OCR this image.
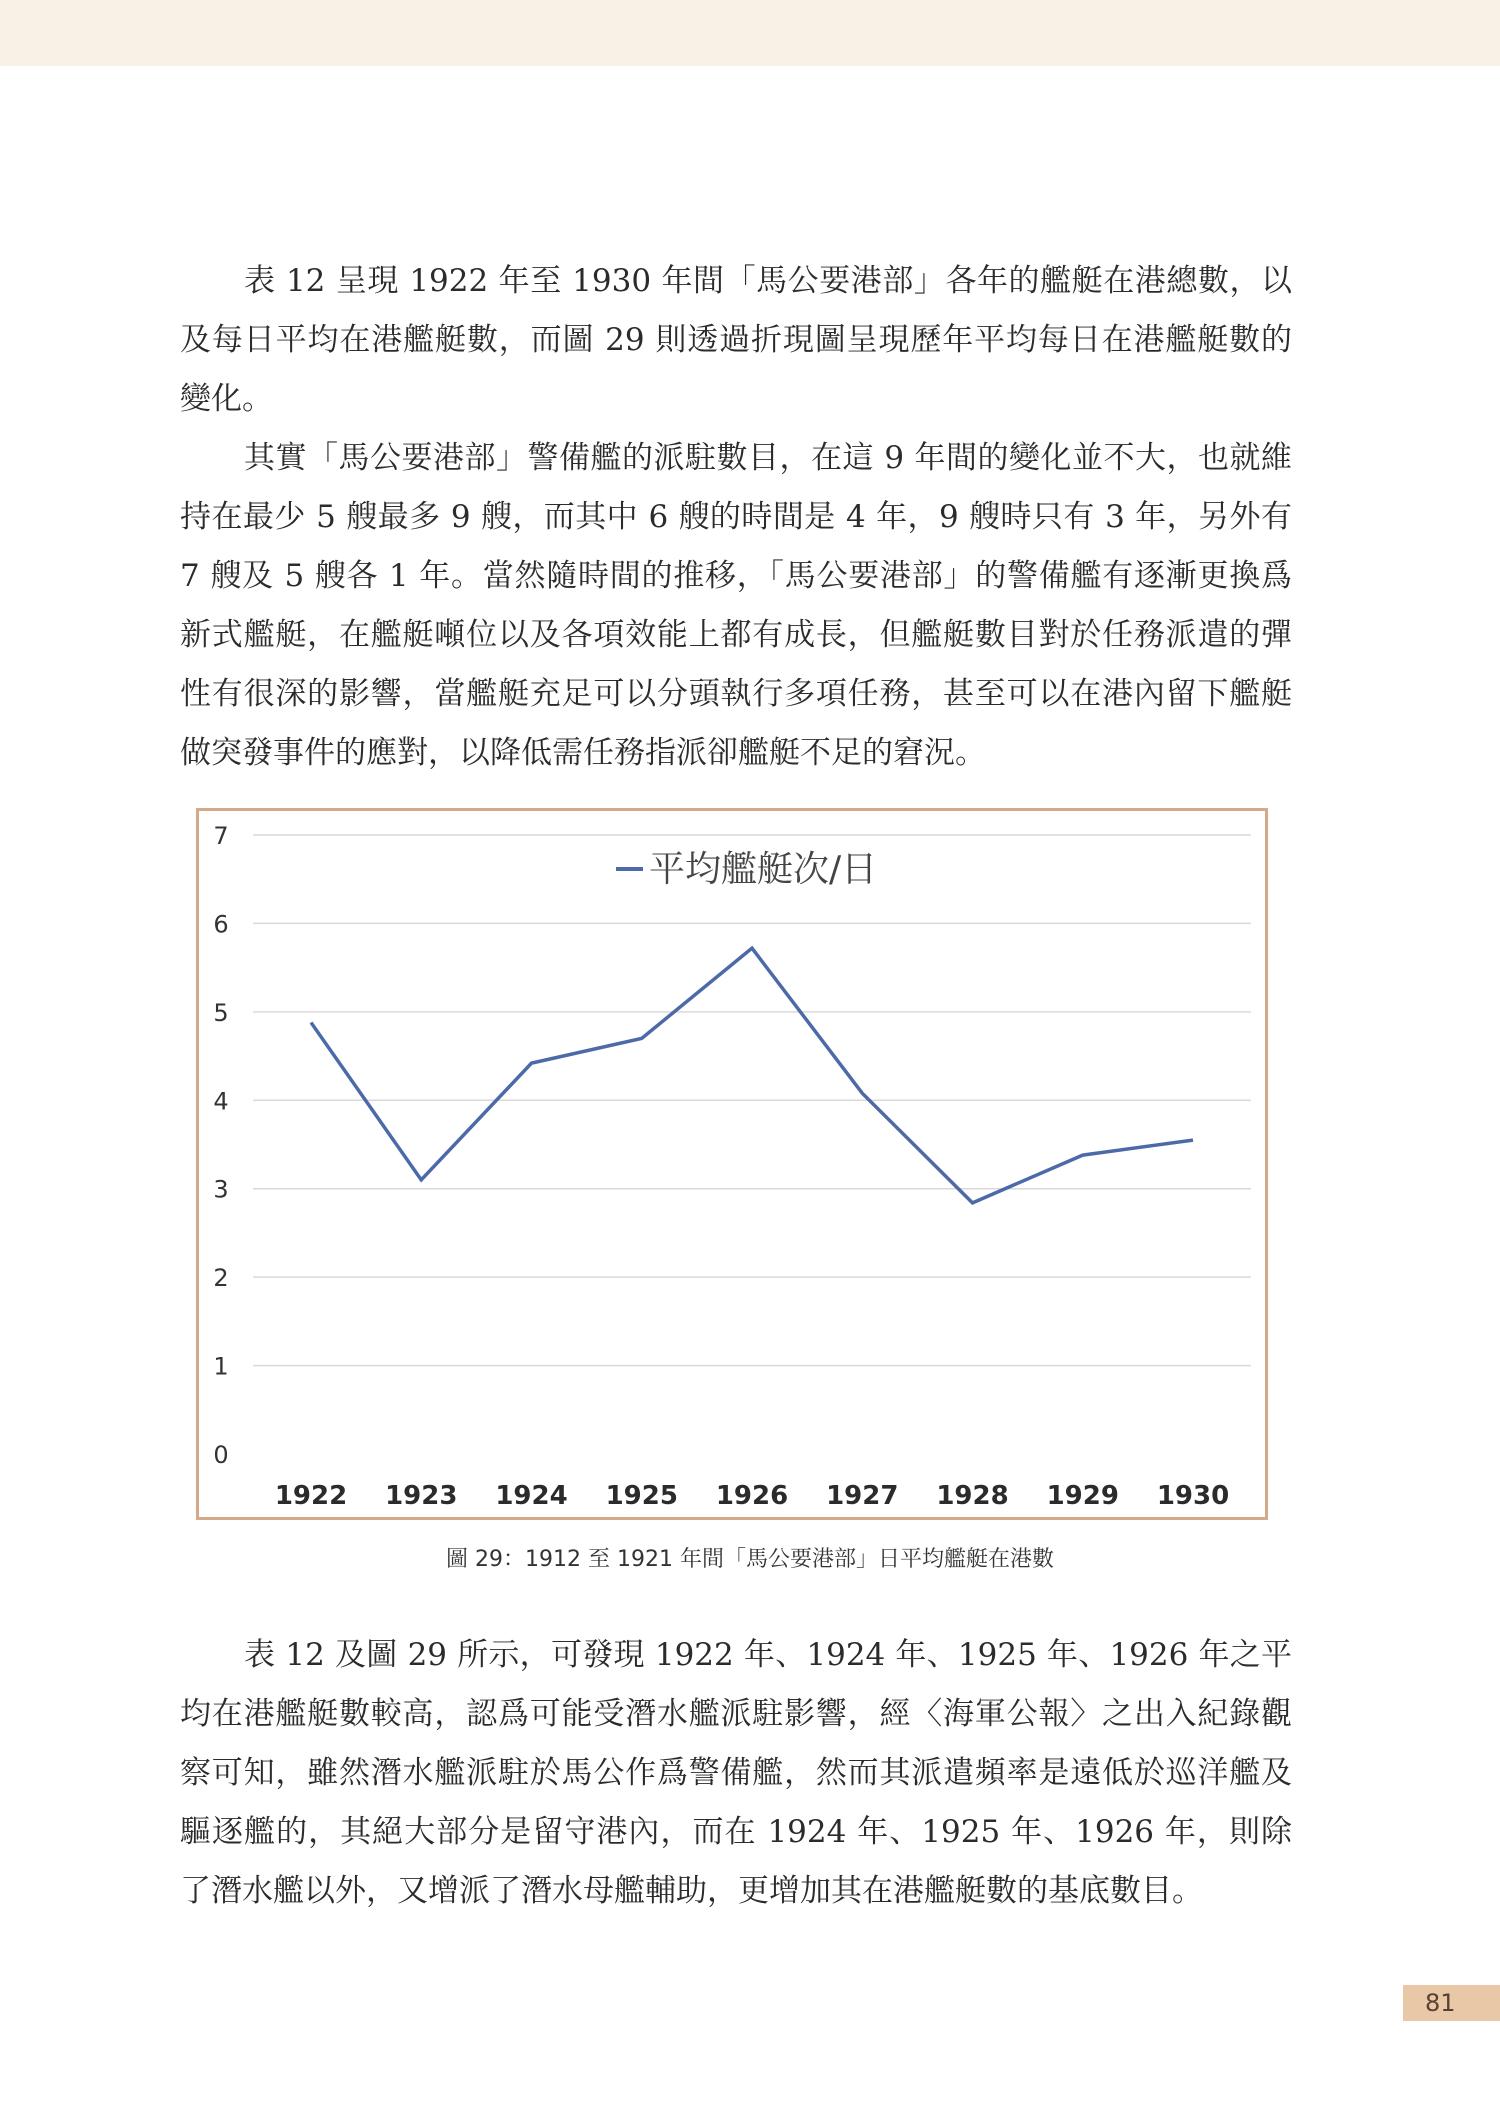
表 12 呈現 1922 年至 1930 年間「馬公要港部」各年的艦艇在港總數，以及每日平均在港艦艇數，而圖 29 則透過折現圖呈現歷年平均每日在港艦艇數的變化。

其實「馬公要港部」警備艦的派駐數目，在這 9 年間的變化並不大，也就維持在最少 5 艘最多 9 艘，而其中 6 艘的時間是 4 年，9 艘時只有 3 年，另外有 7 艘及 5 艘各 1 年。當然隨時間的推移，「馬公要港部」的警備艦有逐漸更換爲新式艦艇，在艦艇噸位以及各項效能上都有成長，但艦艇數目對於任務派遣的彈性有很深的影響，當艦艇充足可以分頭執行多項任務，甚至可以在港內留下艦艇做突發事件的應對，以降低需任務指派卻艦艇不足的窘況。

0
1
2
3
4
5
6
7
1922 1923 1924 1925 1926 1927 1928 1929 1930
平均艦艇次/日
圖 29：1912 至 1921 年間「馬公要港部」日平均艦艇在港數

表 12 及圖 29 所示，可發現 1922 年、1924 年、1925 年、1926 年之平均在港艦艇數較高，認爲可能受潛水艦派駐影響，經〈海軍公報〉之出入紀錄觀察可知，雖然潛水艦派駐於馬公作爲警備艦，然而其派遣頻率是遠低於巡洋艦及驅逐艦的，其絕大部分是留守港內，而在 1924 年、1925 年、1926 年，則除了潛水艦以外，又增派了潛水母艦輔助，更增加其在港艦艇數的基底數目。

81
